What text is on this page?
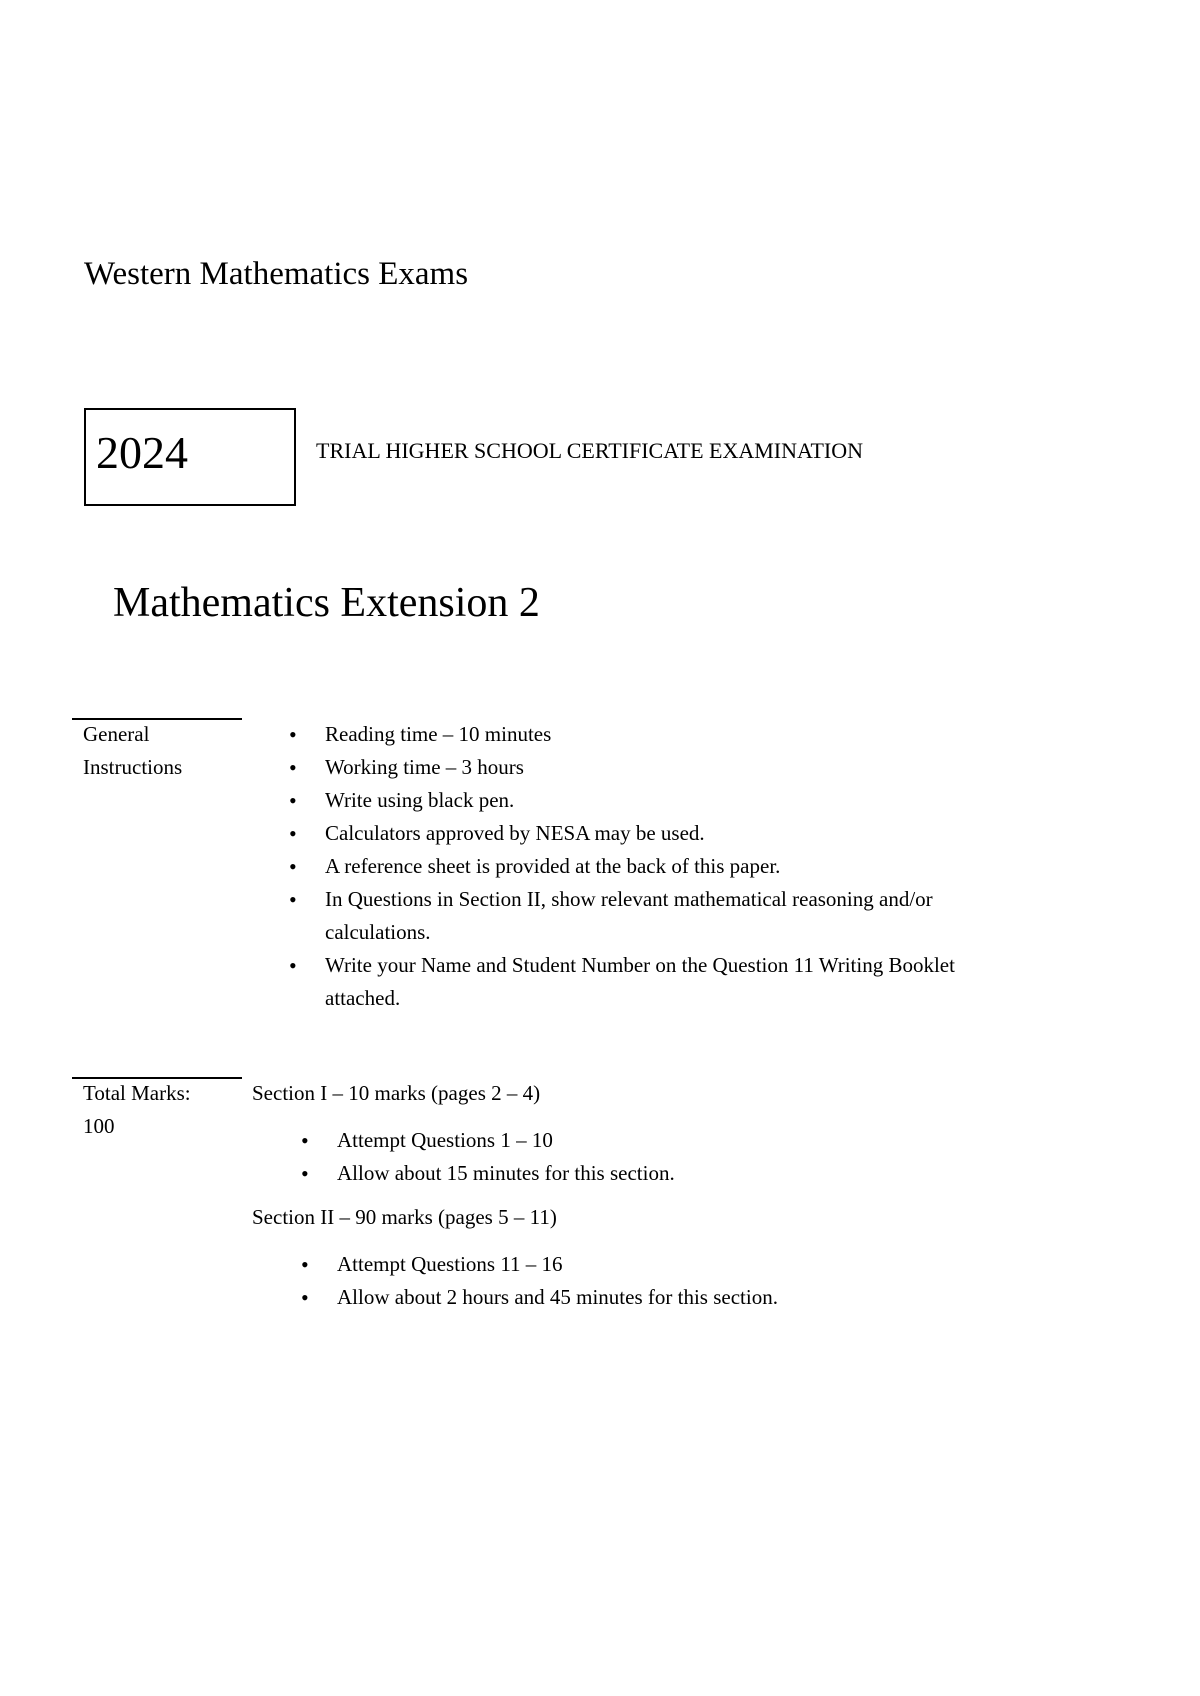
Western Mathematics Exams
2024	TRIAL HIGHER SCHOOL CERTIFICATE EXAMINATION
Mathematics Extension 2
General
Instructions
• Reading time – 10 minutes
• Working time – 3 hours
• Write using black pen.
• Calculators approved by NESA may be used.
• A reference sheet is provided at the back of this paper.
• In Questions in Section II, show relevant mathematical reasoning and/or
calculations.
• Write your Name and Student Number on the Question 11 Writing Booklet
attached.
Total Marks:
100
Section I – 10 marks (pages 2 – 4)
• Attempt Questions 1 – 10
• Allow about 15 minutes for this section.
Section II – 90 marks (pages 5 – 11)
• Attempt Questions 11 – 16
• Allow about 2 hours and 45 minutes for this section.
